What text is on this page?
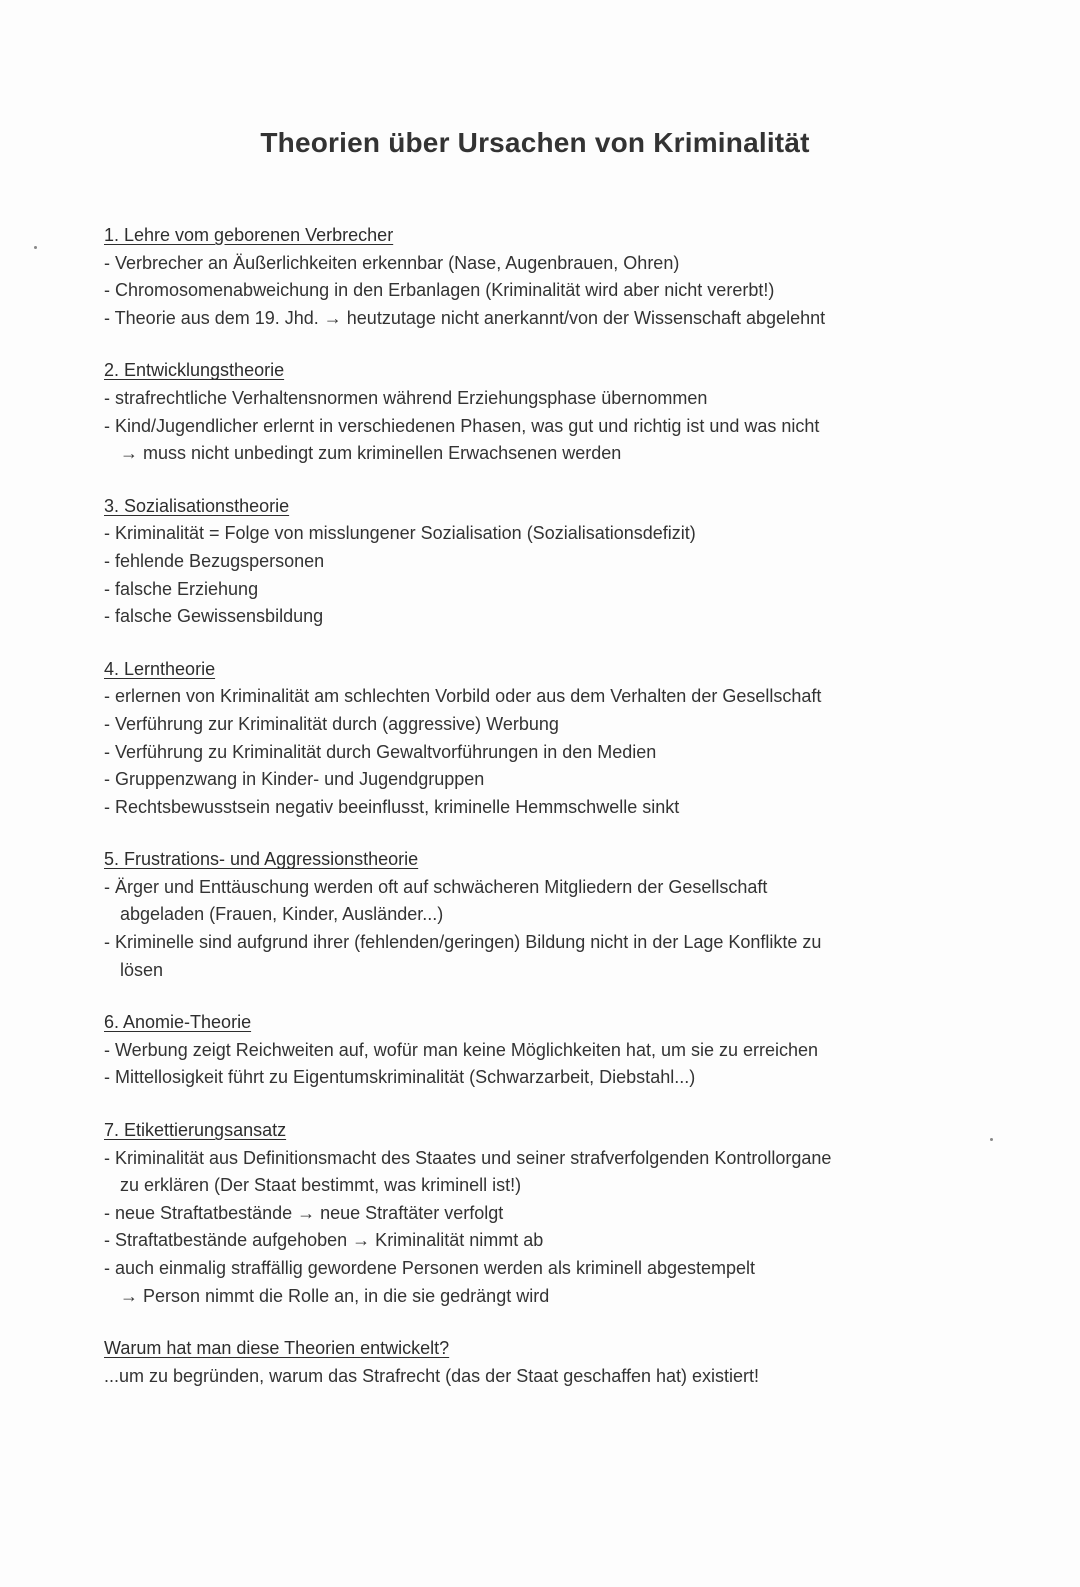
Theorien über Ursachen von Kriminalität
1. Lehre vom geborenen Verbrecher
- Verbrecher an Äußerlichkeiten erkennbar (Nase, Augenbrauen, Ohren)
- Chromosomenabweichung in den Erbanlagen (Kriminalität wird aber nicht vererbt!)
- Theorie aus dem 19. Jhd. → heutzutage nicht anerkannt/von der Wissenschaft abgelehnt
2. Entwicklungstheorie
- strafrechtliche Verhaltensnormen während Erziehungsphase übernommen
- Kind/Jugendlicher erlernt in verschiedenen Phasen, was gut und richtig ist und was nicht
→ muss nicht unbedingt zum kriminellen Erwachsenen werden
3. Sozialisationstheorie
- Kriminalität = Folge von misslungener Sozialisation (Sozialisationsdefizit)
- fehlende Bezugspersonen
- falsche Erziehung
- falsche Gewissensbildung
4. Lerntheorie
- erlernen von Kriminalität am schlechten Vorbild oder aus dem Verhalten der Gesellschaft
- Verführung zur Kriminalität durch (aggressive) Werbung
- Verführung zu Kriminalität durch Gewaltvorführungen in den Medien
- Gruppenzwang in Kinder- und Jugendgruppen
- Rechtsbewusstsein negativ beeinflusst, kriminelle Hemmschwelle sinkt
5. Frustrations- und Aggressionstheorie
- Ärger und Enttäuschung werden oft auf schwächeren Mitgliedern der Gesellschaft
abgeladen (Frauen, Kinder, Ausländer...)
- Kriminelle sind aufgrund ihrer (fehlenden/geringen) Bildung nicht in der Lage Konflikte zu
lösen
6. Anomie-Theorie
- Werbung zeigt Reichweiten auf, wofür man keine Möglichkeiten hat, um sie zu erreichen
- Mittellosigkeit führt zu Eigentumskriminalität (Schwarzarbeit, Diebstahl...)
7. Etikettierungsansatz
- Kriminalität aus Definitionsmacht des Staates und seiner strafverfolgenden Kontrollorgane
zu erklären (Der Staat bestimmt, was kriminell ist!)
- neue Straftatbestände → neue Straftäter verfolgt
- Straftatbestände aufgehoben → Kriminalität nimmt ab
- auch einmalig straffällig gewordene Personen werden als kriminell abgestempelt
→ Person nimmt die Rolle an, in die sie gedrängt wird
Warum hat man diese Theorien entwickelt?
...um zu begründen, warum das Strafrecht (das der Staat geschaffen hat) existiert!
